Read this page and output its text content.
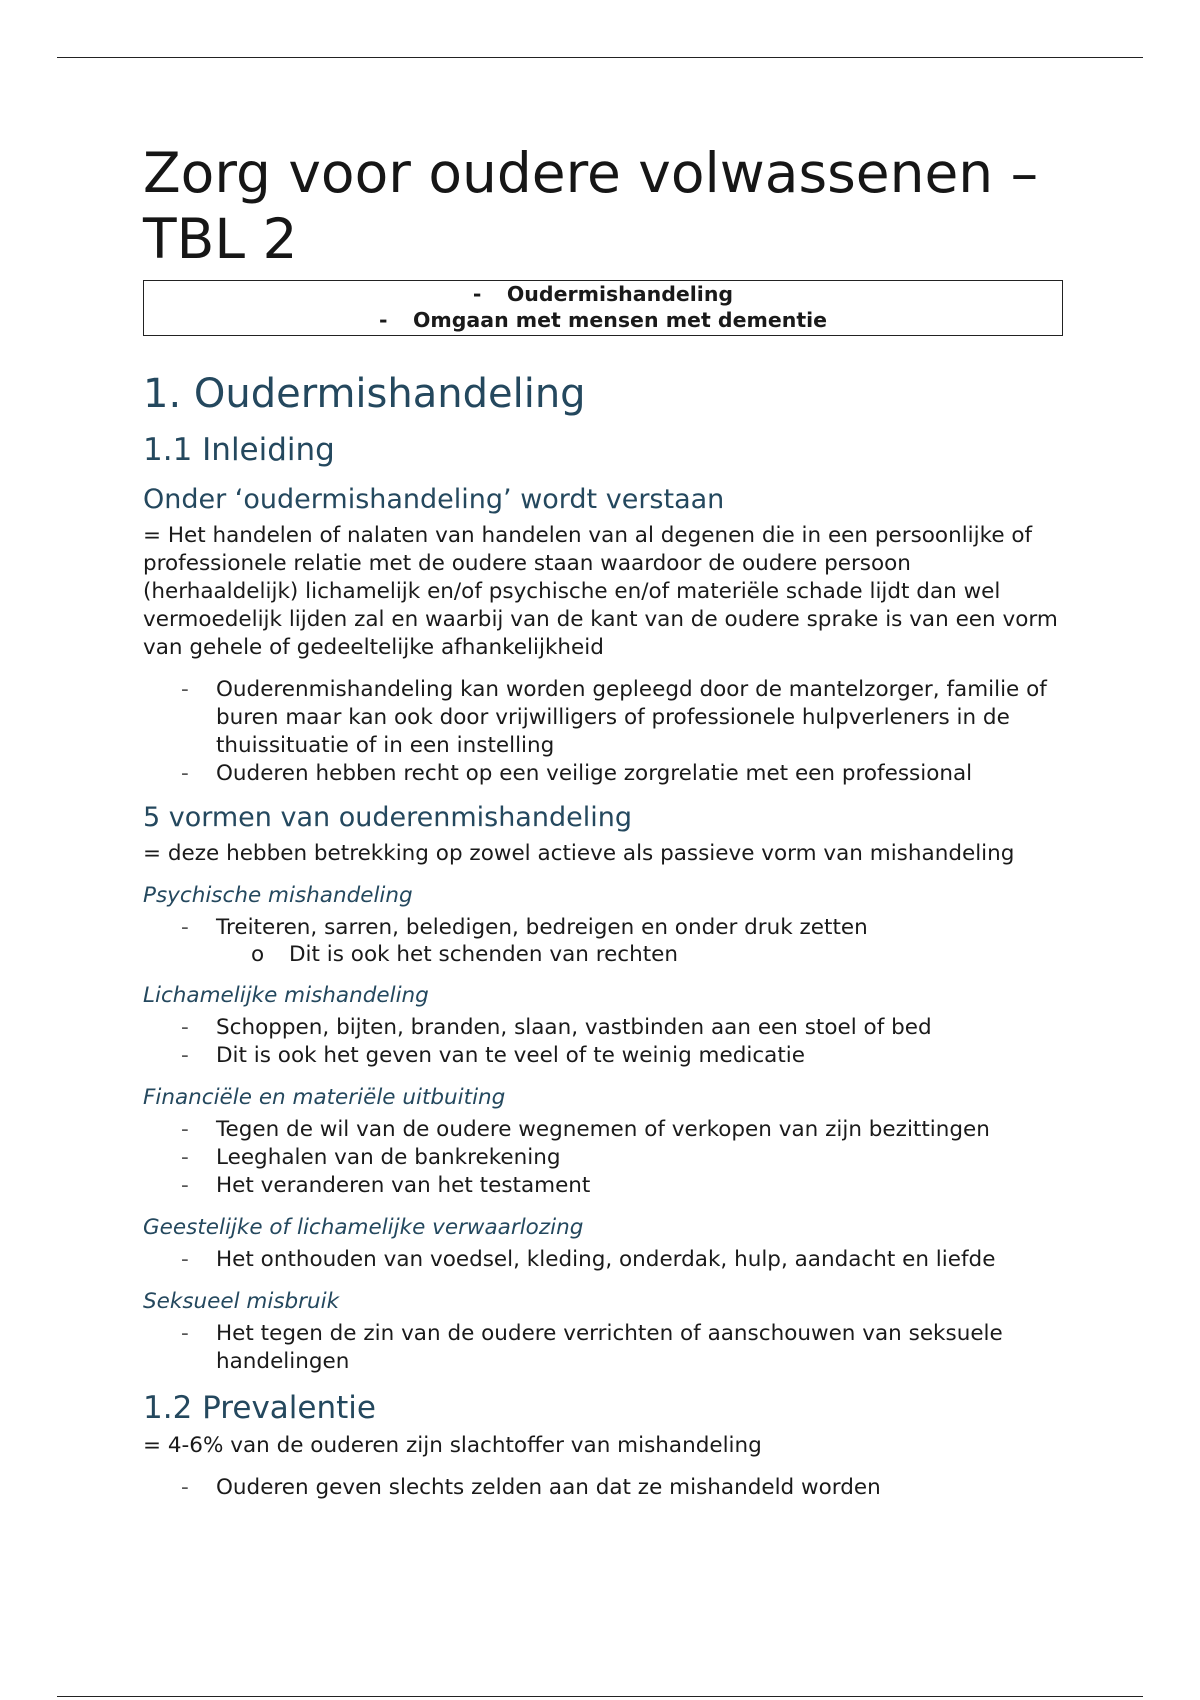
Zorg voor oudere volwassenen – TBL 2
- Oudermishandeling
- Omgaan met mensen met dementie
1. Oudermishandeling
1.1 Inleiding
Onder ‘oudermishandeling’ wordt verstaan

= Het handelen of nalaten van handelen van al degenen die in een persoonlijke of professionele relatie met de oudere staan waardoor de oudere persoon (herhaaldelijk) lichamelijk en/of psychische en/of materiële schade lijdt dan wel vermoedelijk lijden zal en waarbij van de kant van de oudere sprake is van een vorm van gehele of gedeeltelijke afhankelijkheid

- Ouderenmishandeling kan worden gepleegd door de mantelzorger, familie of buren maar kan ook door vrijwilligers of professionele hulpverleners in de thuissituatie of in een instelling
- Ouderen hebben recht op een veilige zorgrelatie met een professional
5 vormen van ouderenmishandeling

= deze hebben betrekking op zowel actieve als passieve vorm van mishandeling

Psychische mishandeling
- Treiteren, sarren, beledigen, bedreigen en onder druk zetten
o Dit is ook het schenden van rechten
Lichamelijke mishandeling
- Schoppen, bijten, branden, slaan, vastbinden aan een stoel of bed
- Dit is ook het geven van te veel of te weinig medicatie
Financiële en materiële uitbuiting
- Tegen de wil van de oudere wegnemen of verkopen van zijn bezittingen
- Leeghalen van de bankrekening
- Het veranderen van het testament
Geestelijke of lichamelijke verwaarlozing
- Het onthouden van voedsel, kleding, onderdak, hulp, aandacht en liefde
Seksueel misbruik
- Het tegen de zin van de oudere verrichten of aanschouwen van seksuele handelingen
1.2 Prevalentie

= 4-6% van de ouderen zijn slachtoffer van mishandeling

- Ouderen geven slechts zelden aan dat ze mishandeld worden
